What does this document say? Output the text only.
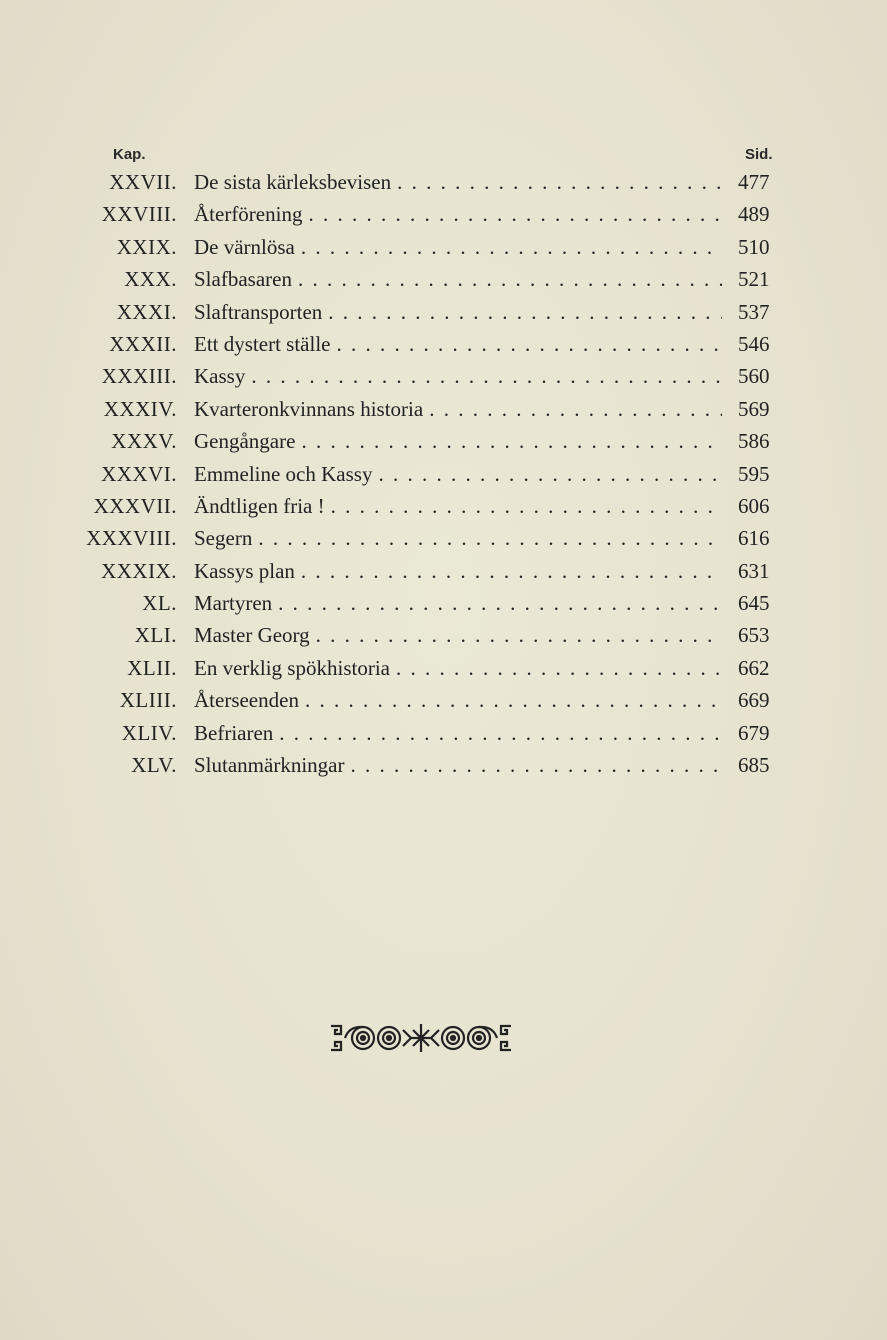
Kap.	Sid.
XXVII. De sista kärleksbevisen . . .	477
XXVIII. Återförening . . .	489
XXIX. De värnlösa . . .	510
XXX. Slafbasaren . . .	521
XXXI. Slaftransporten . . .	537
XXXII. Ett dystert ställe . . .	546
XXXIII. Kassy . . .	560
XXXIV. Kvarteronkvinnans historia . . .	569
XXXV. Gengångare . . .	586
XXXVI. Emmeline och Kassy . . .	595
XXXVII. Ändtligen fria ! . . .	606
XXXVIII. Segern . . .	616
XXXIX. Kassys plan . . .	631
XL. Martyren . . .	645
XLI. Master Georg . . .	653
XLII. En verklig spökhistoria . . .	662
XLIII. Återseenden . . .	669
XLIV. Befriaren . . .	679
XLV. Slutanmärkningar . . .	685
